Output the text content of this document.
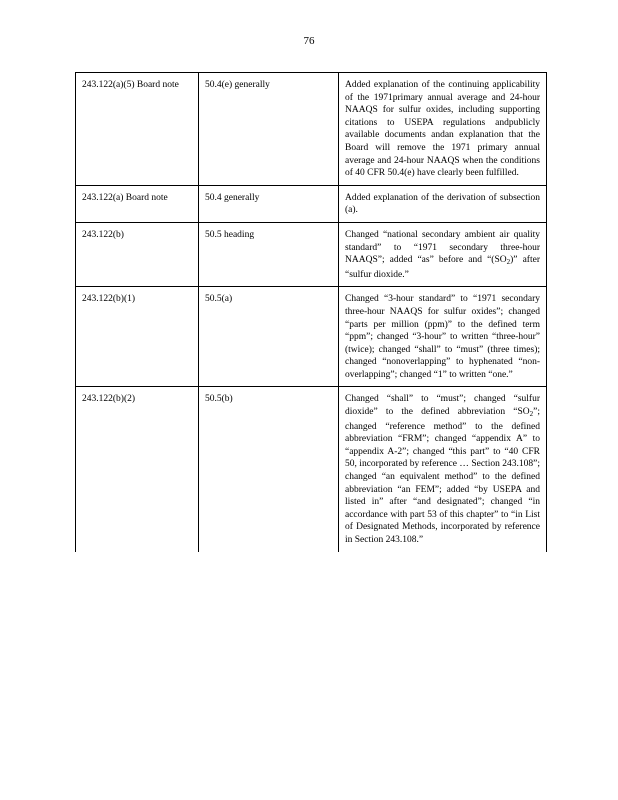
76
243.122(a)(5) Board note	50.4(e) generally	Added explanation of the continuing applicability of the 1971primary annual average and 24-hour NAAQS for sulfur oxides, including supporting citations to USEPA regulations andpublicly available documents andan explanation that the Board will remove the 1971 primary annual average and 24-hour NAAQS when the conditions of 40 CFR 50.4(e) have clearly been fulfilled.
243.122(a) Board note	50.4 generally	Added explanation of the derivation of subsection (a).
243.122(b)	50.5 heading	Changed “national secondary ambient air quality standard” to “1971 secondary three-hour NAAQS”; added “as” before and “$(SO_2)$” after “sulfur dioxide.”
243.122(b)(1)	50.5(a)	Changed “3-hour standard” to “1971 secondary three-hour NAAQS for sulfur oxides”; changed “parts per million (ppm)” to the defined term “ppm”; changed “3-hour” to written “three-hour” (twice); changed “shall” to “must” (three times); changed “nonoverlapping” to hyphenated “non-overlapping”; changed “1” to written “one.”
243.122(b)(2)	50.5(b)	Changed “shall” to “must”; changed “sulfur dioxide” to the defined abbreviation “$SO_2$”; changed “reference method” to the defined abbreviation “FRM”; changed “appendix A” to “appendix A-2”; changed “this part” to “40 CFR 50, incorporated by reference … Section 243.108”; changed “an equivalent method” to the defined abbreviation “an FEM”; added “by USEPA and listed in” after “and designated”; changed “in accordance with part 53 of this chapter” to “in List of Designated Methods, incorporated by reference in Section 243.108.”
